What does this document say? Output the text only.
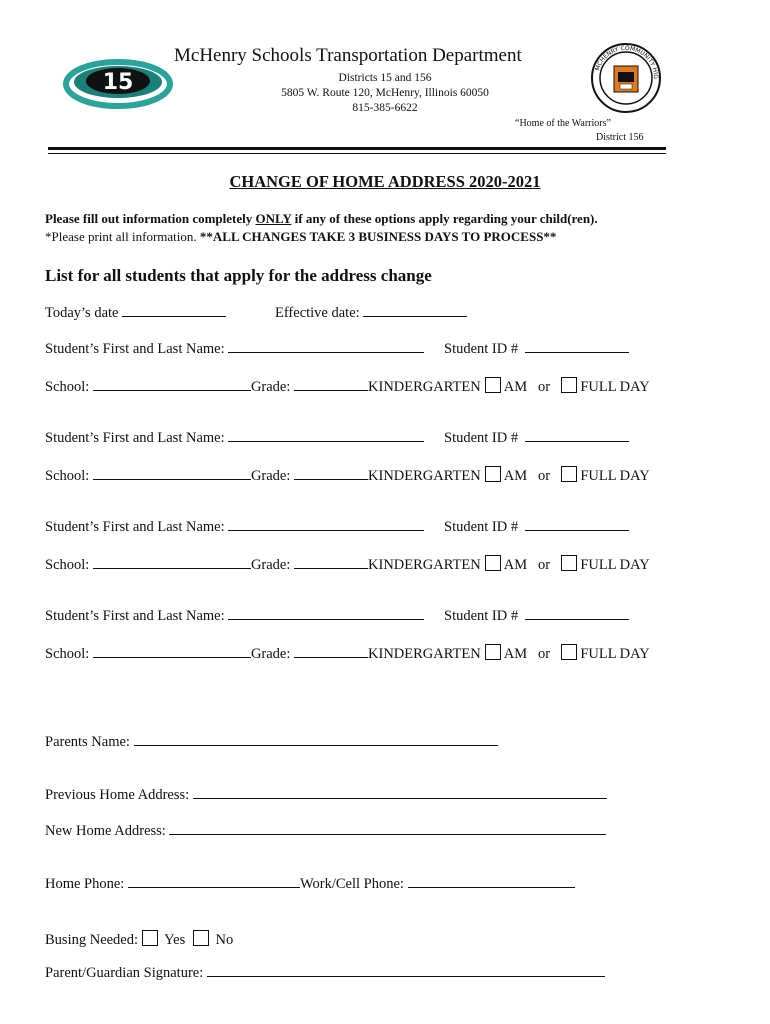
15
McHenry Schools Transportation Department
Districts 15 and 156
5805 W. Route 120, McHenry, Illinois 60050
815-385-6622
MCHENRY COMMUNITY HIG
“Home of the Warriors”
District 156
CHANGE OF HOME ADDRESS 2020-2021
Please fill out information completely ONLY if any of these options apply regarding your child(ren).
*Please print all information. **ALL CHANGES TAKE 3 BUSINESS DAYS TO PROCESS**
List for all students that apply for the address change
Today’s date	Effective date:
Student’s First and Last Name:	Student ID #
School:	Grade:	KINDERGARTEN AM or FULL DAY
Student’s First and Last Name:	Student ID #
School:	Grade:	KINDERGARTEN AM or FULL DAY
Student’s First and Last Name:	Student ID #
School:	Grade:	KINDERGARTEN AM or FULL DAY
Student’s First and Last Name:	Student ID #
School:	Grade:	KINDERGARTEN AM or FULL DAY
Parents Name:
Previous Home Address:
New Home Address:
Home Phone:	Work/Cell Phone:
Busing Needed: Yes No
Parent/Guardian Signature:
